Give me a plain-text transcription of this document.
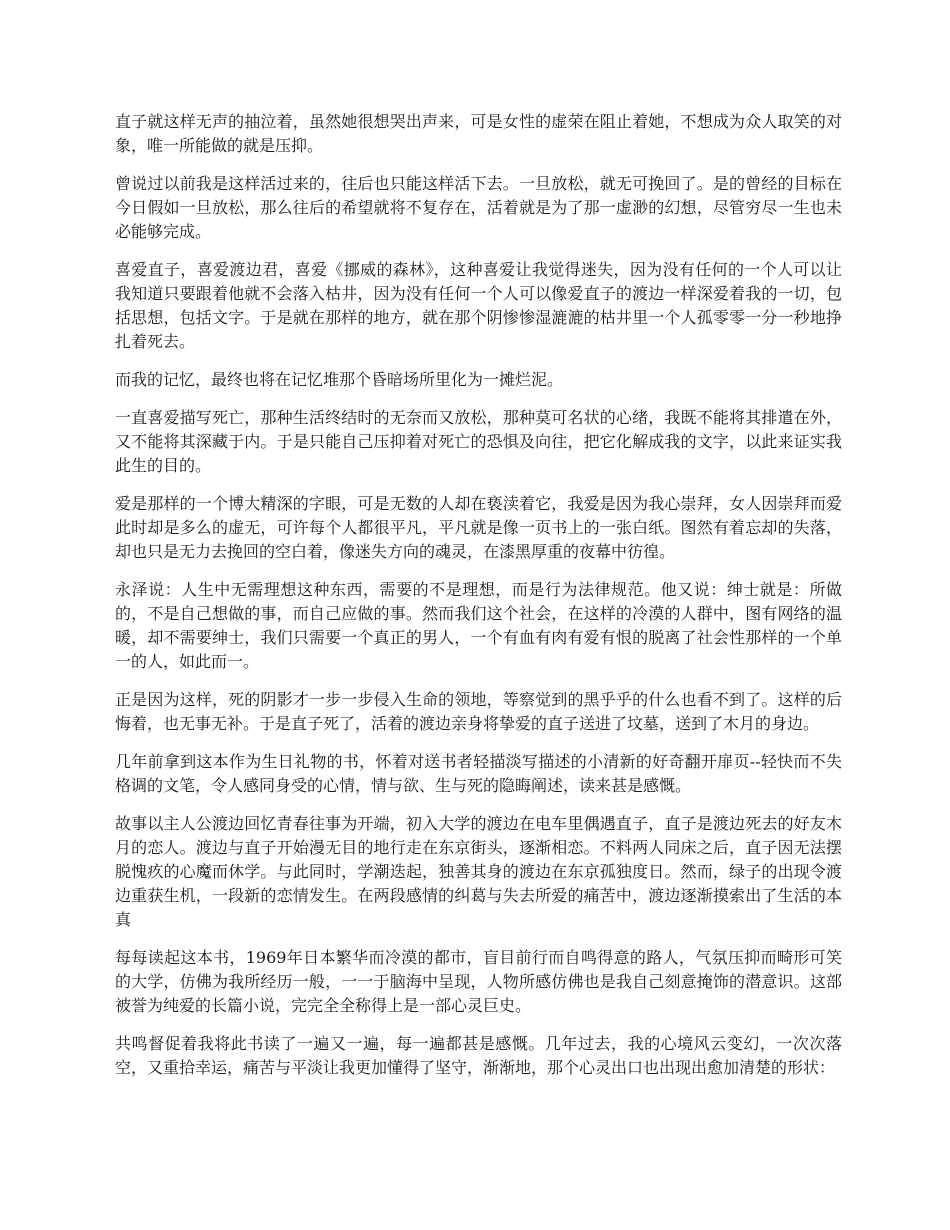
直子就这样无声的抽泣着，虽然她很想哭出声来，可是女性的虚荣在阻止着她，不想成为众人取笑的对象，唯一所能做的就是压抑。

曾说过以前我是这样活过来的，往后也只能这样活下去。一旦放松，就无可挽回了。是的曾经的目标在今日假如一旦放松，那么往后的希望就将不复存在，活着就是为了那一虚渺的幻想，尽管穷尽一生也未必能够完成。

喜爱直子，喜爱渡边君，喜爱《挪威的森林》，这种喜爱让我觉得迷失，因为没有任何的一个人可以让我知道只要跟着他就不会落入枯井，因为没有任何一个人可以像爱直子的渡边一样深爱着我的一切，包括思想，包括文字。于是就在那样的地方，就在那个阴惨惨湿漉漉的枯井里一个人孤零零一分一秒地挣扎着死去。

而我的记忆，最终也将在记忆堆那个昏暗场所里化为一摊烂泥。

一直喜爱描写死亡，那种生活终结时的无奈而又放松，那种莫可名状的心绪，我既不能将其排遣在外，又不能将其深藏于内。于是只能自己压抑着对死亡的恐惧及向往，把它化解成我的文字，以此来证实我此生的目的。

爱是那样的一个博大精深的字眼，可是无数的人却在亵渎着它，我爱是因为我心崇拜，女人因崇拜而爱此时却是多么的虚无，可许每个人都很平凡，平凡就是像一页书上的一张白纸。图然有着忘却的失落，却也只是无力去挽回的空白着，像迷失方向的魂灵，在漆黑厚重的夜幕中彷徨。

永泽说：人生中无需理想这种东西，需要的不是理想，而是行为法律规范。他又说：绅士就是：所做的，不是自己想做的事，而自己应做的事。然而我们这个社会，在这样的冷漠的人群中，图有网络的温暖，却不需要绅士，我们只需要一个真正的男人，一个有血有肉有爱有恨的脱离了社会性那样的一个单一的人，如此而一。

正是因为这样，死的阴影才一步一步侵入生命的领地，等察觉到的黑乎乎的什么也看不到了。这样的后悔着，也无事无补。于是直子死了，活着的渡边亲身将挚爱的直子送进了坟墓，送到了木月的身边。

几年前拿到这本作为生日礼物的书，怀着对送书者轻描淡写描述的小清新的好奇翻开扉页--轻快而不失格调的文笔，令人感同身受的心情，情与欲、生与死的隐晦阐述，读来甚是感慨。

故事以主人公渡边回忆青春往事为开端，初入大学的渡边在电车里偶遇直子，直子是渡边死去的好友木月的恋人。渡边与直子开始漫无目的地行走在东京街头，逐渐相恋。不料两人同床之后，直子因无法摆脱愧疚的心魔而休学。与此同时，学潮迭起，独善其身的渡边在东京孤独度日。然而，绿子的出现令渡边重获生机，一段新的恋情发生。在两段感情的纠葛与失去所爱的痛苦中，渡边逐渐摸索出了生活的本真

每每读起这本书，1969年日本繁华而冷漠的都市，盲目前行而自鸣得意的路人，气氛压抑而畸形可笑的大学，仿佛为我所经历一般，一一于脑海中呈现，人物所感仿佛也是我自己刻意掩饰的潜意识。这部被誉为纯爱的长篇小说，完完全全称得上是一部心灵巨史。

共鸣督促着我将此书读了一遍又一遍，每一遍都甚是感慨。几年过去，我的心境风云变幻，一次次落空，又重拾幸运，痛苦与平淡让我更加懂得了坚守，渐渐地，那个心灵出口也出现出愈加清楚的形状：
